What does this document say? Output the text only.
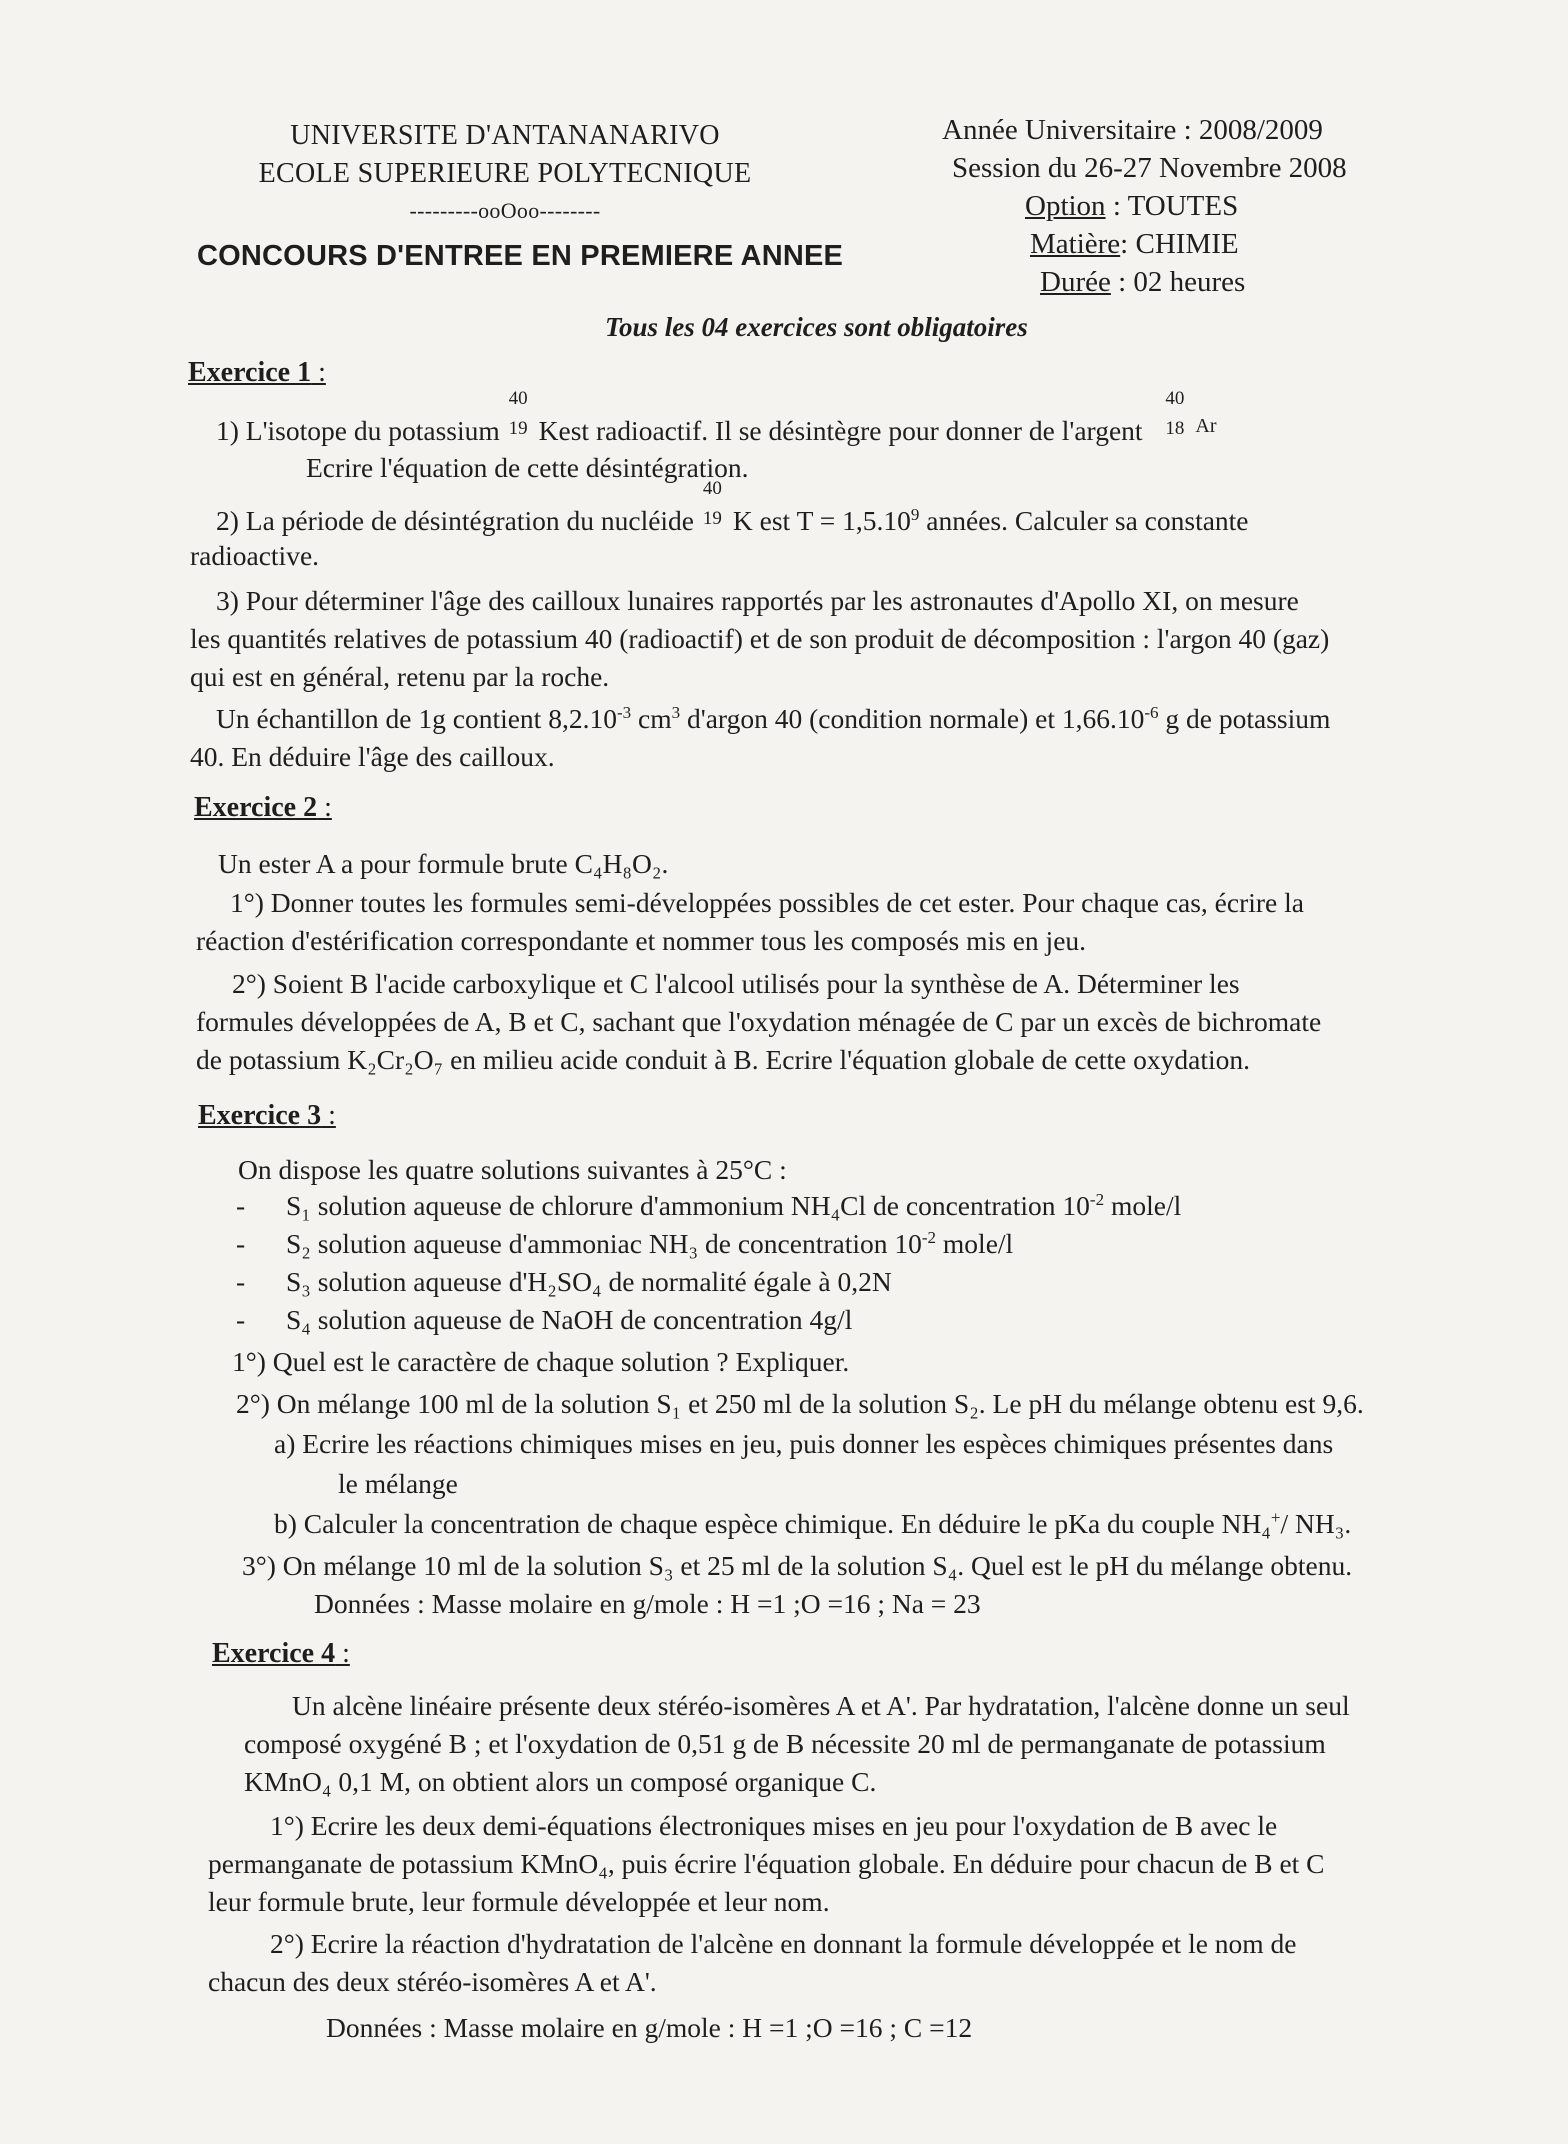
UNIVERSITE D'ANTANANARIVO
ECOLE SUPERIEURE POLYTECNIQUE
---------ooOoo--------
CONCOURS D'ENTREE EN PREMIERE ANNEE
Année Universitaire : 2008/2009
Session du 26-27 Novembre 2008
Option : TOUTES
Matière: CHIMIE
Durée : 02 heures
Tous les 04 exercices sont obligatoires
Exercice 1 :
1) L'isotope du potassium
40
19 Kest radioactif. Il se désintègre pour donner de l'argent
40
18 $^{Ar}$
Ecrire l'équation de cette désintégration.
2) La période de désintégration du nucléide
40
19 K est $T = 1,5.10^9$ années. Calculer sa constante
radioactive.
3) Pour déterminer l'âge des cailloux lunaires rapportés par les astronautes d'Apollo XI, on mesure
les quantités relatives de potassium 40 (radioactif) et de son produit de décomposition : l'argon 40 (gaz)
qui est en général, retenu par la roche.
Un échantillon de 1g contient $8,2.10^{-3}$ $cm^3$ d'argon 40 (condition normale) et $1,66.10^{-6}$ g de potassium
40. En déduire l'âge des cailloux.
Exercice 2 :
Un ester A a pour formule brute C₄H₈O₂.
1°) Donner toutes les formules semi-développées possibles de cet ester. Pour chaque cas, écrire la
réaction d'estérification correspondante et nommer tous les composés mis en jeu.
2°) Soient B l'acide carboxylique et C l'alcool utilisés pour la synthèse de A. Déterminer les
formules développées de A, B et C, sachant que l'oxydation ménagée de C par un excès de bichromate
de potassium K₂Cr₂O₇ en milieu acide conduit à B. Ecrire l'équation globale de cette oxydation.
Exercice 3 :
On dispose les quatre solutions suivantes à 25°C :
- S₁ solution aqueuse de chlorure d'ammonium NH₄Cl de concentration $10^{-2}$ mole/l
- S₂ solution aqueuse d'ammoniac NH₃ de concentration $10^{-2}$ mole/l
- S₃ solution aqueuse d'H₂SO₄ de normalité égale à 0,2N
- S₄ solution aqueuse de NaOH de concentration 4g/l
1°) Quel est le caractère de chaque solution ? Expliquer.
2°) On mélange 100 ml de la solution S₁ et 250 ml de la solution S₂. Le pH du mélange obtenu est 9,6.
a) Ecrire les réactions chimiques mises en jeu, puis donner les espèces chimiques présentes dans
le mélange
b) Calculer la concentration de chaque espèce chimique. En déduire le pKa du couple NH₄+/ NH₃.
3°) On mélange 10 ml de la solution S₃ et 25 ml de la solution S₄. Quel est le pH du mélange obtenu.
Données : Masse molaire en g/mole : H =1 ;O =16 ; Na = 23
Exercice 4 :
Un alcène linéaire présente deux stéréo-isomères A et A'. Par hydratation, l'alcène donne un seul
composé oxygéné B ; et l'oxydation de 0,51 g de B nécessite 20 ml de permanganate de potassium
KMnO₄ 0,1 M, on obtient alors un composé organique C.
1°) Ecrire les deux demi-équations électroniques mises en jeu pour l'oxydation de B avec le
permanganate de potassium KMnO₄, puis écrire l'équation globale. En déduire pour chacun de B et C
leur formule brute, leur formule développée et leur nom.
2°) Ecrire la réaction d'hydratation de l'alcène en donnant la formule développée et le nom de
chacun des deux stéréo-isomères A et A'.
Données : Masse molaire en g/mole : H =1 ;O =16 ; C =12
